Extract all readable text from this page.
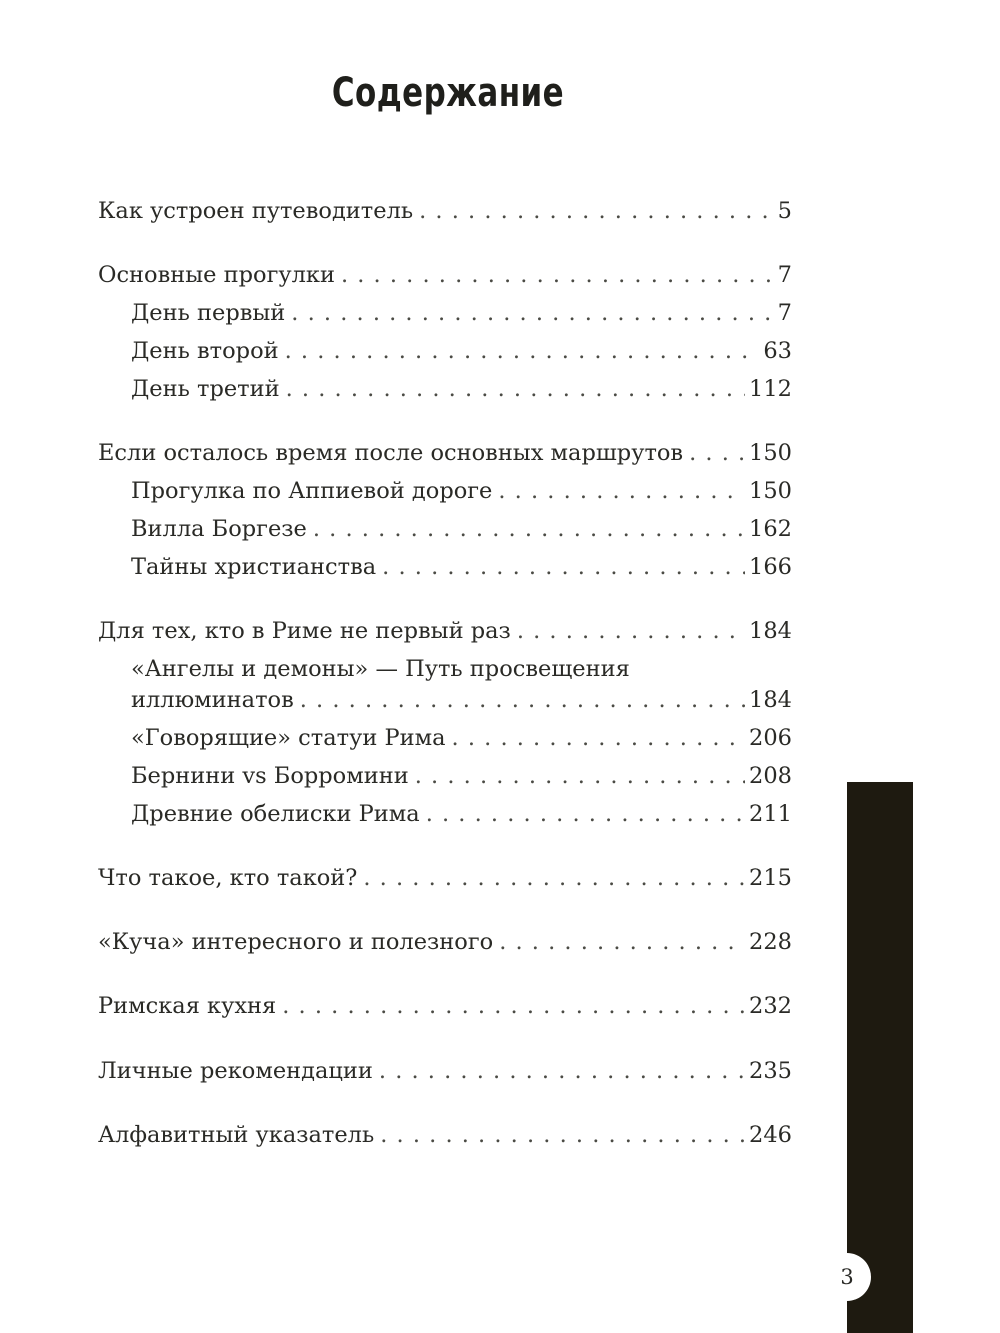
Содержание
Как устроен путеводитель . . .	5
Основные прогулки . . .	7
День первый . . .	7
День второй . . .	63
День третий . . .	112
Если осталось время после основных маршрутов . . .	150
Прогулка по Аппиевой дороге . . .	150
Вилла Боргезе . . .	162
Тайны христианства . . .	166
Для тех, кто в Риме не первый раз . . .	184
«Ангелы и демоны» — Путь просвещения
иллюминатов . . .	184
«Говорящие» статуи Рима . . .	206
Бернини vs Борромини . . .	208
Древние обелиски Рима . . .	211
Что такое, кто такой? . . .	215
«Куча» интересного и полезного . . .	228
Римская кухня . . .	232
Личные рекомендации . . .	235
Алфавитный указатель . . .	246
3
